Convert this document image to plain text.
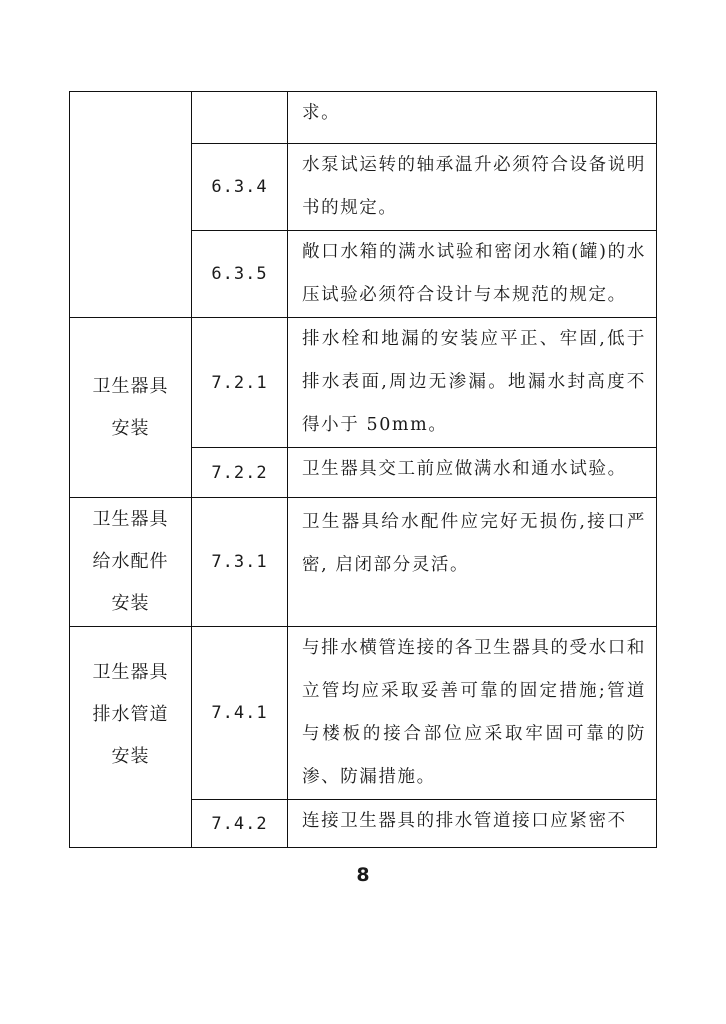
		求。
	6.3.4	水泵试运转的轴承温升必须符合设备说明书的规定。
	6.3.5	敞口水箱的满水试验和密闭水箱(罐)的水压试验必须符合设计与本规范的规定。

卫生器具
安装	7.2.1	排水栓和地漏的安装应平正、牢固,低于排水表面,周边无渗漏。地漏水封高度不得小于 50mm。
	7.2.2	卫生器具交工前应做满水和通水试验。

卫生器具
给水配件
安装	7.3.1	卫生器具给水配件应完好无损伤,接口严密, 启闭部分灵活。

卫生器具
排水管道
安装	7.4.1	与排水横管连接的各卫生器具的受水口和立管均应采取妥善可靠的固定措施;管道与楼板的接合部位应采取牢固可靠的防渗、防漏措施。
	7.4.2	连接卫生器具的排水管道接口应紧密不
8
